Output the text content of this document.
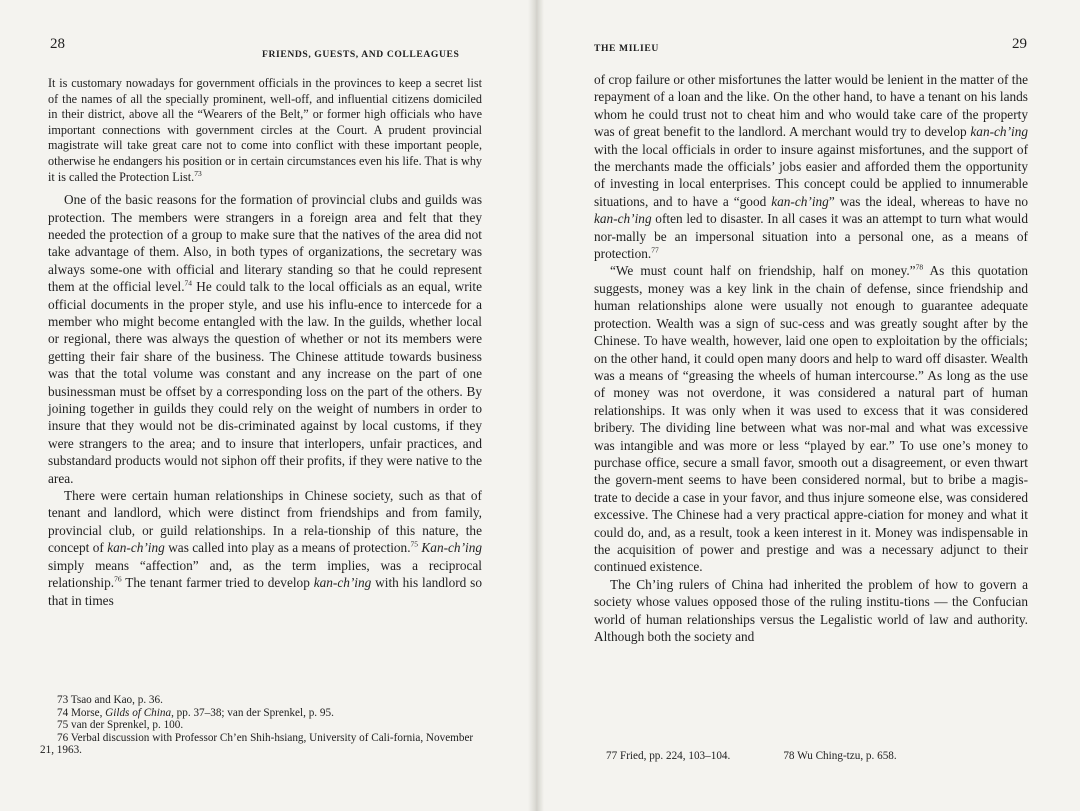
28
FRIENDS, GUESTS, AND COLLEAGUES

It is customary nowadays for government officials in the provinces to keep a secret list of the names of all the specially prominent, well-off, and influential citizens domiciled in their district, above all the “Wearers of the Belt,” or former high officials who have important connections with government circles at the Court. A prudent provincial magistrate will take great care not to come into conflict with these important people, otherwise he endangers his position or in certain circumstances even his life. That is why it is called the Protection List.$^{73}$

One of the basic reasons for the formation of provincial clubs and guilds was protection. The members were strangers in a foreign area and felt that they needed the protection of a group to make sure that the natives of the area did not take advantage of them. Also, in both types of organizations, the secretary was always some-one with official and literary standing so that he could represent them at the official level.$^{74}$ He could talk to the local officials as an equal, write official documents in the proper style, and use his influ-ence to intercede for a member who might become entangled with the law. In the guilds, whether local or regional, there was always the question of whether or not its members were getting their fair share of the business. The Chinese attitude towards business was that the total volume was constant and any increase on the part of one businessman must be offset by a corresponding loss on the part of the others. By joining together in guilds they could rely on the weight of numbers in order to insure that they would not be dis-criminated against by local customs, if they were strangers to the area; and to insure that interlopers, unfair practices, and substandard products would not siphon off their profits, if they were native to the area.

There were certain human relationships in Chinese society, such as that of tenant and landlord, which were distinct from friendships and from family, provincial club, or guild relationships. In a rela-tionship of this nature, the concept of kan-ch’ing was called into play as a means of protection.$^{75}$ Kan-ch’ing simply means “affection” and, as the term implies, was a reciprocal relationship.$^{76}$ The tenant farmer tried to develop kan-ch’ing with his landlord so that in times

73 Tsao and Kao, p. 36.

74 Morse, Gilds of China, pp. 37–38; van der Sprenkel, p. 95.

75 van der Sprenkel, p. 100.

76 Verbal discussion with Professor Ch’en Shih-hsiang, University of Cali-fornia, November 21, 1963.

THE MILIEU	29

of crop failure or other misfortunes the latter would be lenient in the matter of the repayment of a loan and the like. On the other hand, to have a tenant on his lands whom he could trust not to cheat him and who would take care of the property was of great benefit to the landlord. A merchant would try to develop kan-ch’ing with the local officials in order to insure against misfortunes, and the support of the merchants made the officials’ jobs easier and afforded them the opportunity of investing in local enterprises. This concept could be applied to innumerable situations, and to have a “good kan-ch’ing” was the ideal, whereas to have no kan-ch’ing often led to disaster. In all cases it was an attempt to turn what would nor-mally be an impersonal situation into a personal one, as a means of protection.$^{77}$

“We must count half on friendship, half on money.”$^{78}$ As this quotation suggests, money was a key link in the chain of defense, since friendship and human relationships alone were usually not enough to guarantee adequate protection. Wealth was a sign of suc-cess and was greatly sought after by the Chinese. To have wealth, however, laid one open to exploitation by the officials; on the other hand, it could open many doors and help to ward off disaster. Wealth was a means of “greasing the wheels of human intercourse.” As long as the use of money was not overdone, it was considered a natural part of human relationships. It was only when it was used to excess that it was considered bribery. The dividing line between what was nor-mal and what was excessive was intangible and was more or less “played by ear.” To use one’s money to purchase office, secure a small favor, smooth out a disagreement, or even thwart the govern-ment seems to have been considered normal, but to bribe a magis-trate to decide a case in your favor, and thus injure someone else, was considered excessive. The Chinese had a very practical appre-ciation for money and what it could do, and, as a result, took a keen interest in it. Money was indispensable in the acquisition of power and prestige and was a necessary adjunct to their continued existence.

The Ch’ing rulers of China had inherited the problem of how to govern a society whose values opposed those of the ruling institu-tions — the Confucian world of human relationships versus the Legalistic world of law and authority. Although both the society and

77 Fried, pp. 224, 103–104.	78 Wu Ching-tzu, p. 658.
